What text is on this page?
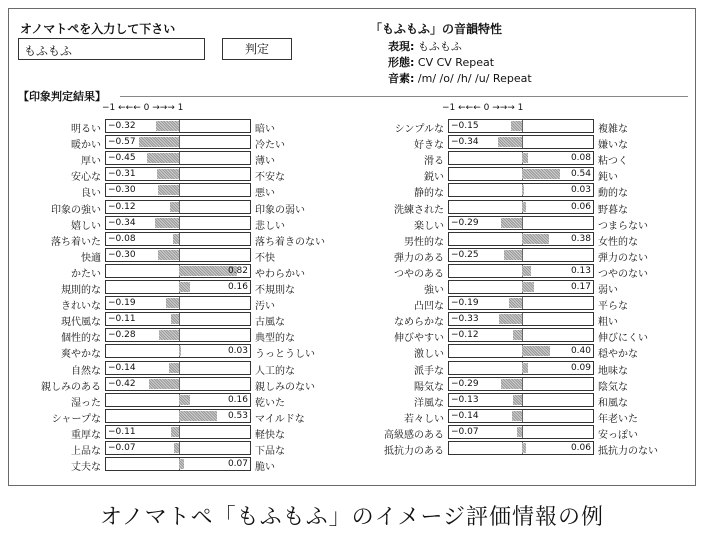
オノマトペを入力して下さい
もふもふ	判定
「もふもふ」の音韻特性
表現: もふもふ
形態: CV CV Repeat
音素: /m/ /o/ /h/ /u/ Repeat
【印象判定結果】
−1 ←←← 0 →→→ 1	−1 ←←← 0 →→→ 1
明るい −0.32	暗い
暖かい −0.57	冷たい
厚い −0.45	薄い
安心な −0.31	不安な
良い −0.30	悪い
印象の強い −0.12	印象の弱い
嬉しい −0.34	悲しい
落ち着いた −0.08	落ち着きのない
快適 −0.30	不快
かたい	0.82 やわらかい
規則的な	0.16 不規則な
きれいな −0.19	汚い
現代風な −0.11	古風な
個性的な −0.28	典型的な
爽やかな	0.03 うっとうしい
自然な −0.14	人工的な
親しみのある −0.42	親しみのない
湿った	0.16 乾いた
シャープな	0.53 マイルドな
重厚な −0.11	軽快な
上品な −0.07	下品な
丈夫な	0.07 脆い
シンプルな −0.15	複雑な
好きな −0.34	嫌いな
滑る	0.08 粘つく
鋭い	0.54 鈍い
静的な	0.03 動的な
洗練された	0.06 野暮な
楽しい −0.29	つまらない
男性的な	0.38 女性的な
弾力のある −0.25	弾力のない
つやのある	0.13 つやのない
強い	0.17 弱い
凸凹な −0.19	平らな
なめらかな −0.33	粗い
伸びやすい −0.12	伸びにくい
激しい	0.40 穏やかな
派手な	0.09 地味な
陽気な −0.29	陰気な
洋風な −0.13	和風な
若々しい −0.14	年老いた
高級感のある −0.07	安っぽい
抵抗力のある	0.06 抵抗力のない
オノマトペ「もふもふ」のイメージ評価情報の例
